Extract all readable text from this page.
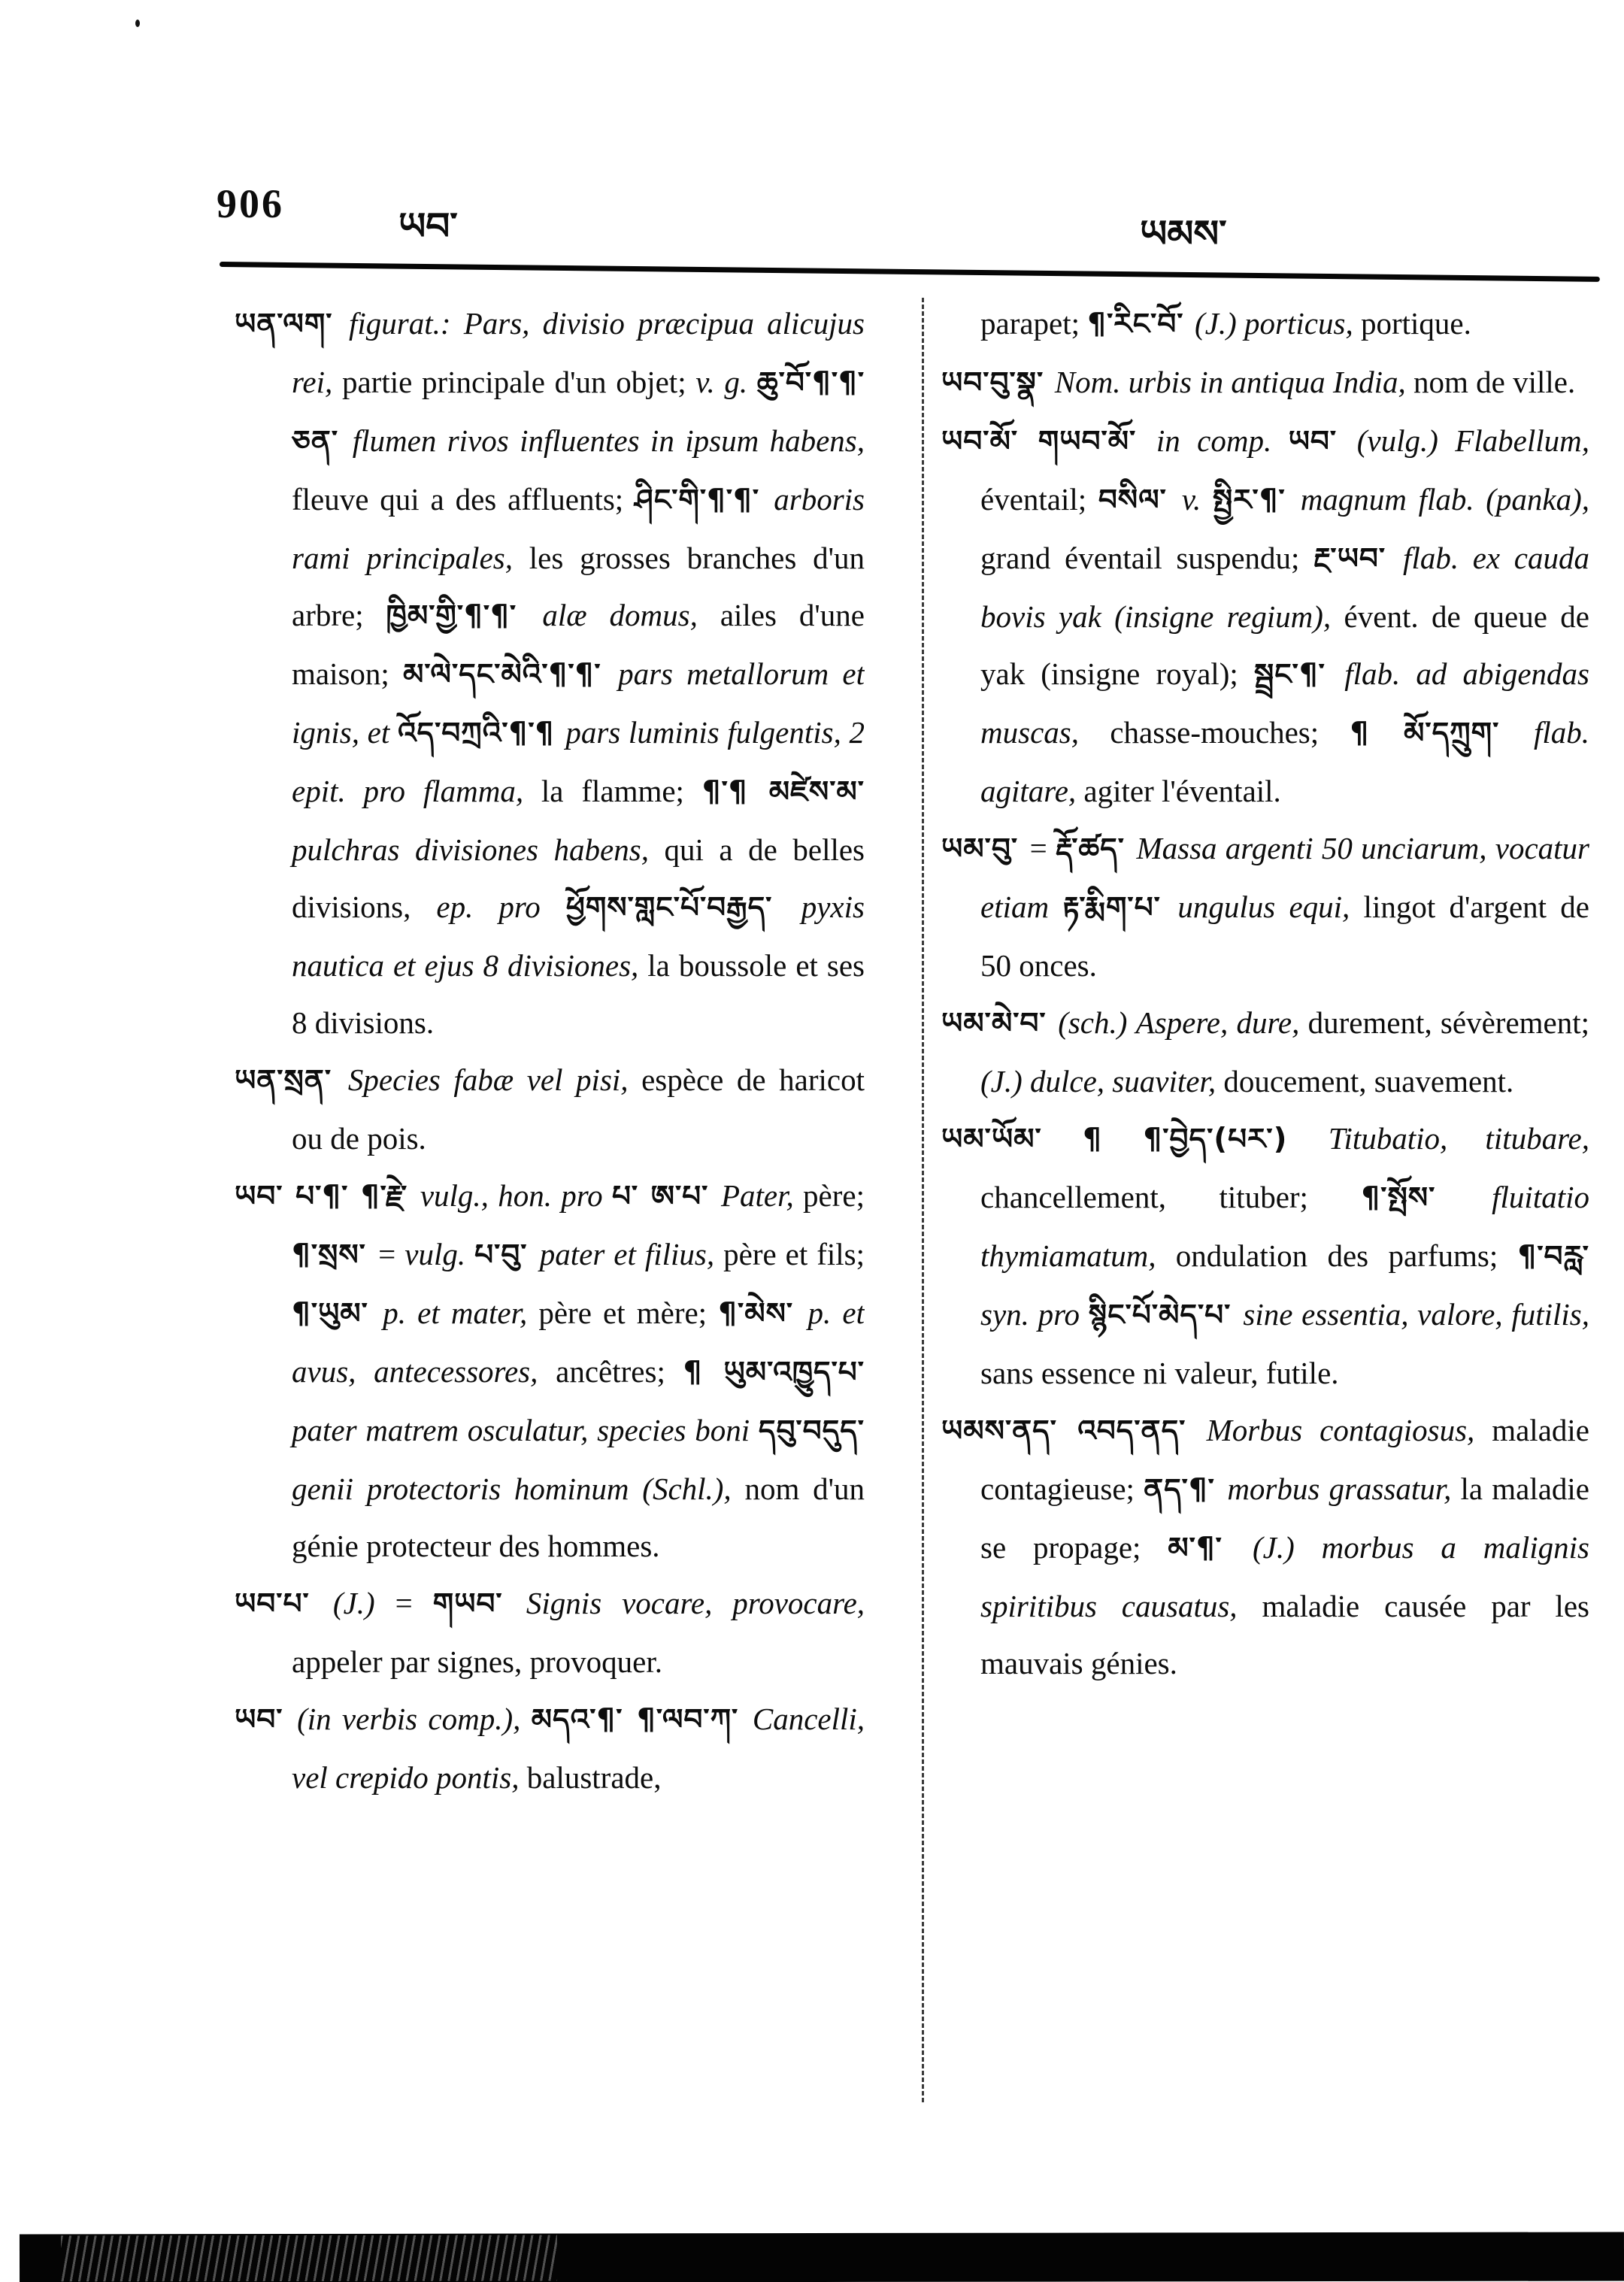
906	ཡབ་	ཡམས་

ཡན་ལག་ figurat.: Pars, divisio præcipua alicujus rei, partie principale d'un objet; v. g. ཆུ་བོ་¶་¶་ཅན་ flumen rivos influentes in ipsum habens, fleuve qui a des affluents; ཤིང་གི་¶་¶་ arboris rami principales, les grosses branches d'un arbre; ཁྱིམ་གྱི་¶་¶་ alæ domus, ailes d'une maison; མ་ལེ་དང་མེའི་¶་¶་ pars metallorum et ignis, et འོད་བཀྲའི་¶་¶ pars luminis fulgentis, 2 epit. pro flamma, la flamme; ¶་¶ མཛེས་མ་ pulchras divisiones habens, qui a de belles divisions, ep. pro ཕྱོགས་གླང་པོ་བརྒྱད་ pyxis nautica et ejus 8 divisiones, la boussole et ses 8 divisions.

ཡན་སྲན་ Species fabæ vel pisi, espèce de haricot ou de pois.

ཡབ་ པ་¶་ ¶་རྗེ་ vulg., hon. pro པ་ ཨ་པ་ Pater, père; ¶་སྲས་ = vulg. པ་བུ་ pater et filius, père et fils; ¶་ཡུམ་ p. et mater, père et mère; ¶་མེས་ p. et avus, antecessores, ancêtres; ¶ ཡུམ་འཁྱུད་པ་ pater matrem osculatur, species boni དབུ་བདུད་ genii protectoris hominum (Schl.), nom d'un génie protecteur des hommes.

ཡབ་པ་ (J.) = གཡབ་ Signis vocare, provocare, appeler par signes, provoquer.

ཡབ་ (in verbis comp.), མདའ་¶་ ¶་ལབ་ཀ་ Cancelli, vel crepido pontis, balustrade,

parapet; ¶་རིང་བོ་ (J.) porticus, portique.

ཡབ་བུ་སྣ་ Nom. urbis in antiqua India, nom de ville.

ཡབ་མོ་ གཡབ་མོ་ in comp. ཡབ་ (vulg.) Flabellum, éventail; བསིལ་ v. སྤྱིར་¶་ magnum flab. (panka), grand éventail suspendu; རྔ་ཡབ་ flab. ex cauda bovis yak (insigne regium), évent. de queue de yak (insigne royal); སྦྲང་¶་ flab. ad abigendas muscas, chasse-mouches; ¶ མོ་དཀྲུག་ flab. agitare, agiter l'éventail.

ཡམ་བུ་ = རྡོ་ཚད་ Massa argenti 50 unciarum, vocatur etiam རྟ་རྨིག་པ་ ungulus equi, lingot d'argent de 50 onces.

ཡམ་མེ་བ་ (sch.) Aspere, dure, durement, sévèrement; (J.) dulce, suaviter, doucement, suavement.

ཡམ་ཡོམ་ ¶ ¶་བྱེད་(པར་) Titubatio, titubare, chancellement, tituber; ¶་སྤོས་ fluitatio thymiamatum, ondulation des parfums; ¶་བརླ་ syn. pro སྙིང་པོ་མེད་པ་ sine essentia, valore, futilis, sans essence ni valeur, futile.

ཡམས་ནད་ འབད་ནད་ Morbus contagiosus, maladie contagieuse; ནད་¶་ morbus grassatur, la maladie se propage; མ་¶་ (J.) morbus a malignis spiritibus causatus, maladie causée par les mauvais génies.
